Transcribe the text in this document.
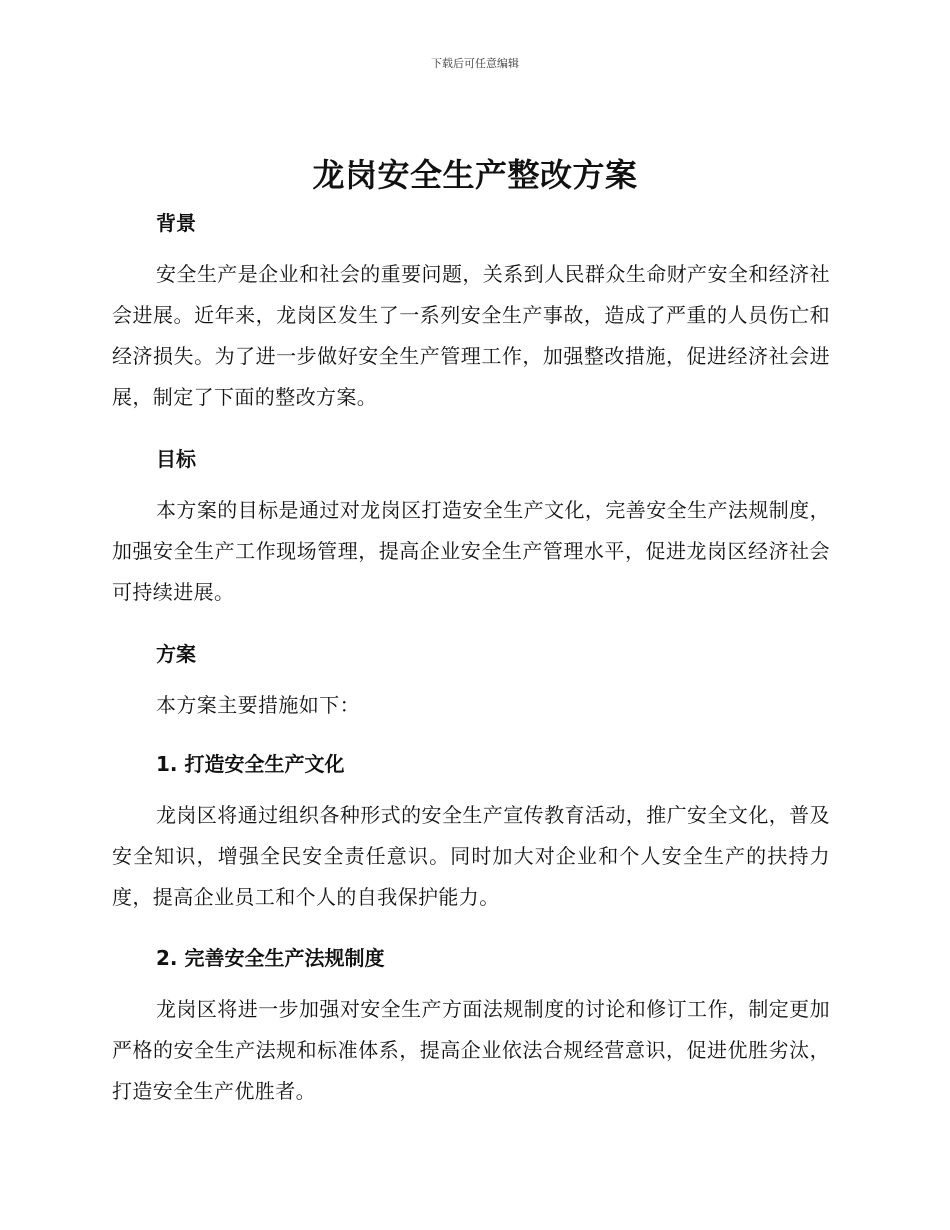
下载后可任意编辑
龙岗安全生产整改方案
背景
安全生产是企业和社会的重要问题，关系到人民群众生命财产安全和经济社会进展。近年来，龙岗区发生了一系列安全生产事故，造成了严重的人员伤亡和经济损失。为了进一步做好安全生产管理工作，加强整改措施，促进经济社会进展，制定了下面的整改方案。
目标
本方案的目标是通过对龙岗区打造安全生产文化，完善安全生产法规制度，加强安全生产工作现场管理，提高企业安全生产管理水平，促进龙岗区经济社会可持续进展。
方案
本方案主要措施如下：
1. 打造安全生产文化
龙岗区将通过组织各种形式的安全生产宣传教育活动，推广安全文化，普及安全知识，增强全民安全责任意识。同时加大对企业和个人安全生产的扶持力度，提高企业员工和个人的自我保护能力。
2. 完善安全生产法规制度
龙岗区将进一步加强对安全生产方面法规制度的讨论和修订工作，制定更加严格的安全生产法规和标准体系，提高企业依法合规经营意识，促进优胜劣汰，打造安全生产优胜者。
